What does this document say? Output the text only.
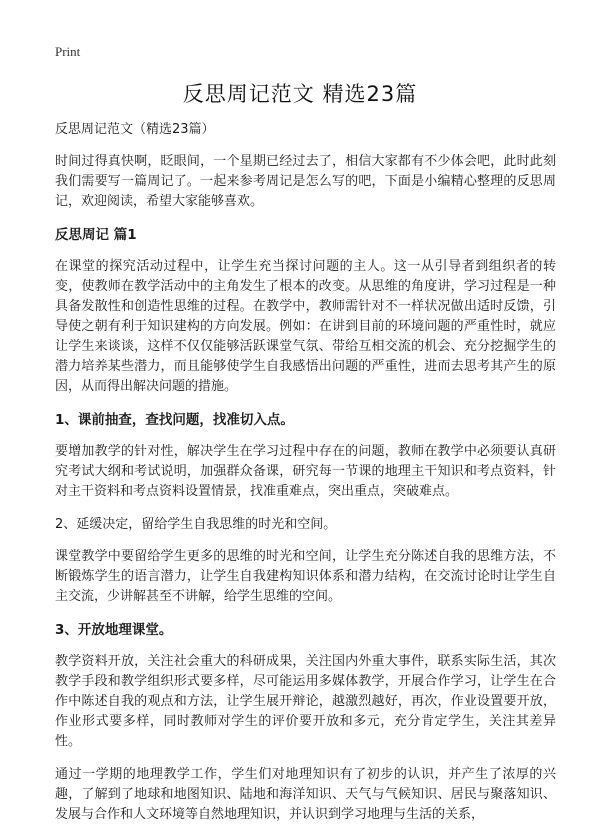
Print
反思周记范文 精选23篇
反思周记范文（精选23篇）

时间过得真快啊，眨眼间，一个星期已经过去了，相信大家都有不少体会吧，此时此刻我们需要写一篇周记了。一起来参考周记是怎么写的吧，下面是小编精心整理的反思周记，欢迎阅读，希望大家能够喜欢。

反思周记 篇1

在课堂的探究活动过程中，让学生充当探讨问题的主人。这一从引导者到组织者的转变，使教师在教学活动中的主角发生了根本的改变。从思维的角度讲，学习过程是一种具备发散性和创造性思维的过程。在教学中，教师需针对不一样状况做出适时反馈，引导使之朝有利于知识建构的方向发展。例如：在讲到目前的环境问题的严重性时，就应让学生来谈谈，这样不仅仅能够活跃课堂气氛、带给互相交流的机会、充分挖掘学生的潜力培养某些潜力，而且能够使学生自我感悟出问题的严重性，进而去思考其产生的原因，从而得出解决问题的措施。

1、课前抽查，查找问题，找准切入点。

要增加教学的针对性，解决学生在学习过程中存在的问题，教师在教学中必须要认真研究考试大纲和考试说明，加强群众备课，研究每一节课的地理主干知识和考点资料，针对主干资料和考点资料设置情景，找准重难点，突出重点，突破难点。

2、延缓决定，留给学生自我思维的时光和空间。

课堂教学中要留给学生更多的思维的时光和空间，让学生充分陈述自我的思维方法，不断锻炼学生的语言潜力，让学生自我建构知识体系和潜力结构，在交流讨论时让学生自主交流，少讲解甚至不讲解，给学生思维的空间。

3、开放地理课堂。

教学资料开放，关注社会重大的科研成果，关注国内外重大事件，联系实际生活，其次教学手段和教学组织形式要多样，尽可能运用多媒体教学，开展合作学习，让学生在合作中陈述自我的观点和方法，让学生展开辩论，越激烈越好，再次，作业设置要开放，作业形式要多样，同时教师对学生的评价要开放和多元，充分肯定学生，关注其差异性。

通过一学期的地理教学工作，学生们对地理知识有了初步的认识，并产生了浓厚的兴趣，了解到了地球和地图知识、陆地和海洋知识、天气与气候知识、居民与聚落知识、发展与合作和人文环境等自然地理知识，并认识到学习地理与生活的关系，
